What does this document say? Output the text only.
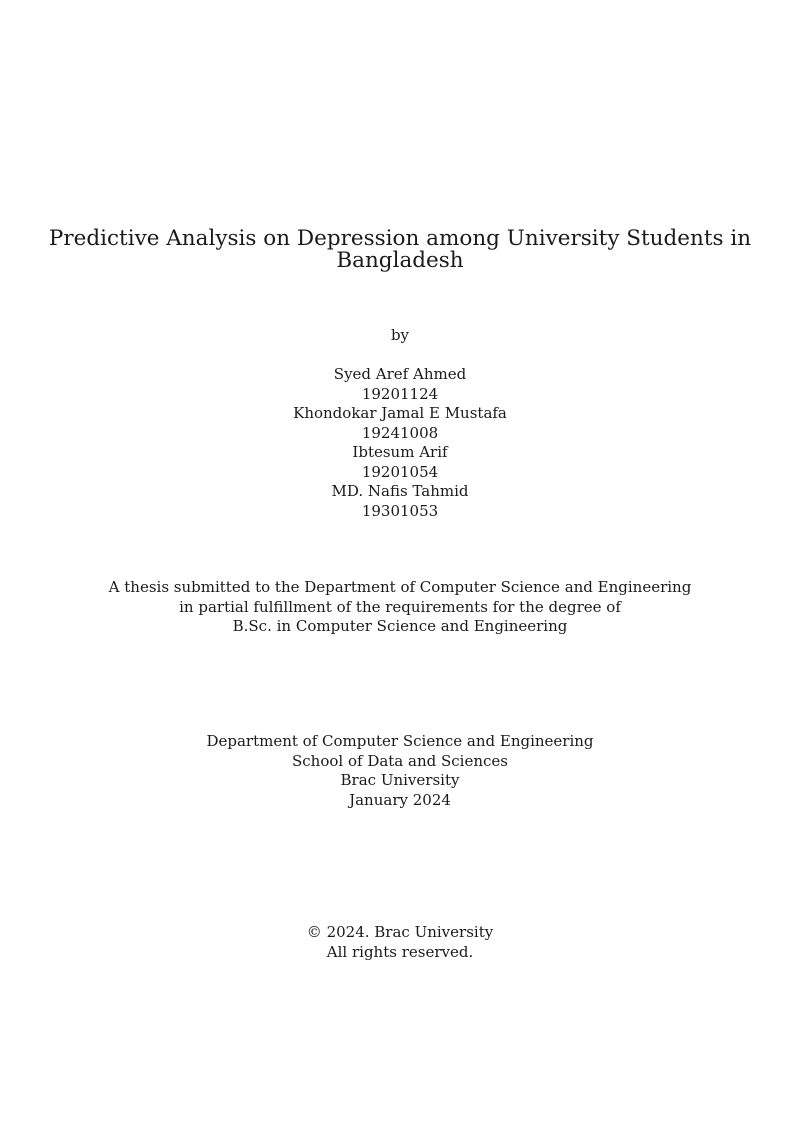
Predictive Analysis on Depression among University Students in
Bangladesh
by
Syed Aref Ahmed
19201124
Khondokar Jamal E Mustafa
19241008
Ibtesum Arif
19201054
MD. Nafis Tahmid
19301053
A thesis submitted to the Department of Computer Science and Engineering
in partial fulfillment of the requirements for the degree of
B.Sc. in Computer Science and Engineering
Department of Computer Science and Engineering
School of Data and Sciences
Brac University
January 2024
© 2024. Brac University
All rights reserved.
